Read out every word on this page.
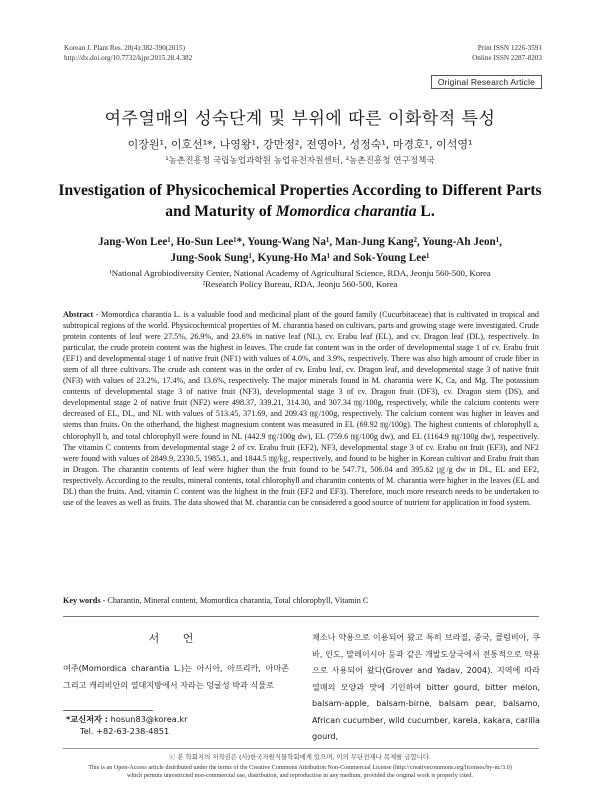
Korean J. Plant Res. 28(4):382-390(2015)
http://dx.doi.org/10.7732/kjpr.2015.28.4.382
Print ISSN 1226-3591
Online ISSN 2287-8203
Original Research Article
여주열매의 성숙단계 및 부위에 따른 이화학적 특성
이장원¹, 이호선¹*, 나영왕¹, 강만정², 전영아¹, 성정숙¹, 마경호¹, 이석영¹
¹농촌진흥청 국립농업과학원 농업유전자원센터, ²농촌진흥청 연구정책국
Investigation of Physicochemical Properties According to Different Parts
and Maturity of Momordica charantia L.
Jang-Won Lee¹, Ho-Sun Lee¹*, Young-Wang Na¹, Man-Jung Kang², Young-Ah Jeon¹,
Jung-Sook Sung¹, Kyung-Ho Ma¹ and Sok-Young Lee¹
¹National Agrobiodiversity Center, National Academy of Agricultural Science, RDA, Jeonju 560-500, Korea
²Research Policy Bureau, RDA, Jeonju 560-500, Korea
Abstract - Momordica charantia L. is a valuable food and medicinal plant of the gourd family (Cucurbitaceae) that is cultivated in tropical and subtropical regions of the world. Physicochemical properties of M. charantia based on cultivars, parts and growing stage were investigated. Crude protein contents of leaf were 27.5%, 26.9%, and 23.6% in native leaf (NL), cv. Erabu leaf (EL), and cv. Dragon leaf (DL), respectively. In particular, the crude protein content was the highest in leaves. The crude fat content was in the order of developmental stage 1 of cv. Erabu fruit (EF1) and developmental stage 1 of native fruit (NF1) with values of 4.0%, and 3.9%, respectively. There was also high amount of crude fiber in stem of all three cultivars. The crude ash content was in the order of cv. Erabu leaf, cv. Dragon leaf, and developmental stage 3 of native fruit (NF3) with values of 23.2%, 17.4%, and 13.6%, respectively. The major minerals found in M. charantia were K, Ca, and Mg. The potassium contents of developmental stage 3 of native fruit (NF3), developmental stage 3 of cv. Dragon fruit (DF3), cv. Dragon stem (DS), and developmental stage 2 of native fruit (NF2) were 498.37, 339.21, 314.30, and 307.34 ㎎/100g, respectively, while the calcium contents were decreased of EL, DL, and NL with values of 513.45, 371.69, and 209.43 ㎎/100g, respectively. The calcium content was higher in leaves and stems than fruits. On the otherhand, the highest magnesium content was measured in EL (69.92 ㎎/100g). The highest contents of chlorophyll a, chlorophyll b, and total chlorophyll were found in NL (442.9 ㎎/100g dw), EL (759.6 ㎎/100g dw), and EL (1164.9 ㎎/100g dw), respectively. The vitamin C contents from developmental stage 2 of cv. Erabu fruit (EF2), NF3, developmental stage 3 of cv. Erabu on fruit (EF3), and NF2 were found with values of 2849.9, 2330.5, 1985.1, and 1844.5 ㎎/㎏, respectively, and found to be higher in Korean cultivar and Erabu fruit than in Dragon. The charantin contents of leaf were higher than the fruit found to be 547.71, 506.04 and 395.62 ㎍/g dw in DL, EL and EF2, respectively. According to the results, mineral contents, total chlorophyll and charantin contents of M. charantia were higher in the leaves (EL and DL) than the fruits. And, vitamin C content was the highest in the fruit (EF2 and EF3). Therefore, much more research needs to be undertaken to use of the leaves as well as fruits. The data showed that M. charantia can be considered a good source of nutrient for application in food system.
Key words - Charantin, Mineral content, Momordica charantia, Total chlorophyll, Vitamin C
서 언
여주(Momordica charantia L.)는 아시아, 아프리카, 아마존 그리고 캐리비안의 열대지방에서 자라는 덩굴성 박과 식물로
채소나 약용으로 이용되어 왔고 특히 브라질, 중국, 콜럼비아, 쿠바, 인도, 말레이시아 등과 같은 개발도상국에서 전통적으로 약용으로 사용되어 왔다(Grover and Yadav, 2004). 지역에 따라 열매의 모양과 맛에 기인하여 bitter gourd, bitter melon, balsam-apple, balsam-birne, balsam pear, balsamo, African cucumber, wild cucumber, karela, kakara, carilla gourd,
*교신저자 : hosun83@korea.kr
Tel. +82-63-238-4851
ⓒ 본 학회지의 저작권은 (사)한국자원식물학회에게 있으며, 이의 무단전재나 복제를 금합니다.
This is an Open-Access article distributed under the terms of the Creative Commons Attribution Non-Commercial License (http://creativecommons.org/licenses/by-nc/3.0)
which permits unrestricted non-commercial use, distribution, and reproduction in any medium, provided the original work is properly cited.
